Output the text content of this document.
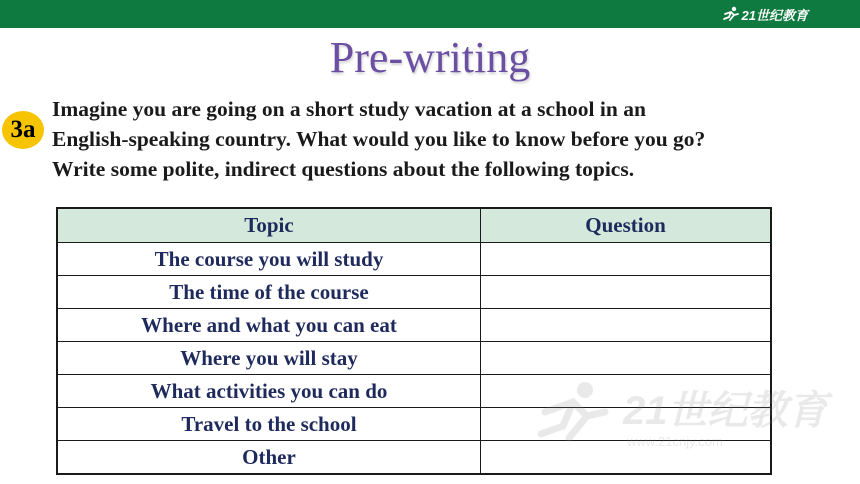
21世纪教育
Pre-writing
3a
Imagine you are going on a short study vacation at a school in an
English-speaking country. What would you like to know before you go?
Write some polite, indirect questions about the following topics.
Topic	Question
The course you will study	
The time of the course	
Where and what you can eat	
Where you will stay	
What activities you can do	
Travel to the school	
Other	
21世纪教育
www.21cnjy.com
